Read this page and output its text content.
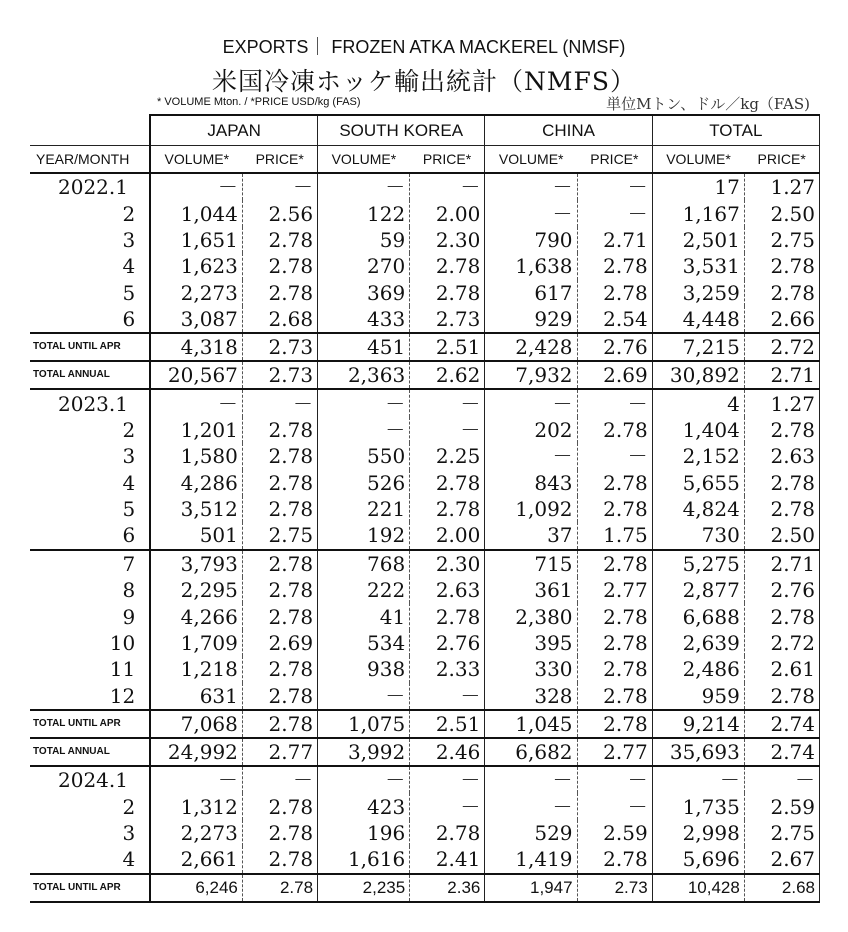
EXPORTS｜ FROZEN ATKA MACKEREL (NMSF)
米国冷凍ホッケ輸出統計（NMFS）
* VOLUME Mton. / *PRICE USD/kg (FAS)	単位Mトン、ドル／kg（FAS)
	JAPAN		SOUTH KOREA		CHINA		TOTAL	
YEAR/MONTH	VOLUME*	PRICE*	VOLUME*	PRICE*	VOLUME*	PRICE*	VOLUME*	PRICE*
2022.1	－	－	－	－	－	－	17	1.27
2	1,044	2.56	122	2.00	－	－	1,167	2.50
3	1,651	2.78	59	2.30	790	2.71	2,501	2.75
4	1,623	2.78	270	2.78	1,638	2.78	3,531	2.78
5	2,273	2.78	369	2.78	617	2.78	3,259	2.78
6	3,087	2.68	433	2.73	929	2.54	4,448	2.66
TOTAL UNTIL APR	4,318	2.73	451	2.51	2,428	2.76	7,215	2.72
TOTAL ANNUAL	20,567	2.73	2,363	2.62	7,932	2.69	30,892	2.71
2023.1	－	－	－	－	－	－	4	1.27
2	1,201	2.78	－	－	202	2.78	1,404	2.78
3	1,580	2.78	550	2.25	－	－	2,152	2.63
4	4,286	2.78	526	2.78	843	2.78	5,655	2.78
5	3,512	2.78	221	2.78	1,092	2.78	4,824	2.78
6	501	2.75	192	2.00	37	1.75	730	2.50
7	3,793	2.78	768	2.30	715	2.78	5,275	2.71
8	2,295	2.78	222	2.63	361	2.77	2,877	2.76
9	4,266	2.78	41	2.78	2,380	2.78	6,688	2.78
10	1,709	2.69	534	2.76	395	2.78	2,639	2.72
11	1,218	2.78	938	2.33	330	2.78	2,486	2.61
12	631	2.78	－	－	328	2.78	959	2.78
TOTAL UNTIL APR	7,068	2.78	1,075	2.51	1,045	2.78	9,214	2.74
TOTAL ANNUAL	24,992	2.77	3,992	2.46	6,682	2.77	35,693	2.74
2024.1	－	－	－	－	－	－	－	－
2	1,312	2.78	423	－	－	－	1,735	2.59
3	2,273	2.78	196	2.78	529	2.59	2,998	2.75
4	2,661	2.78	1,616	2.41	1,419	2.78	5,696	2.67
TOTAL UNTIL APR	6,246	2.78	2,235	2.36	1,947	2.73	10,428	2.68
